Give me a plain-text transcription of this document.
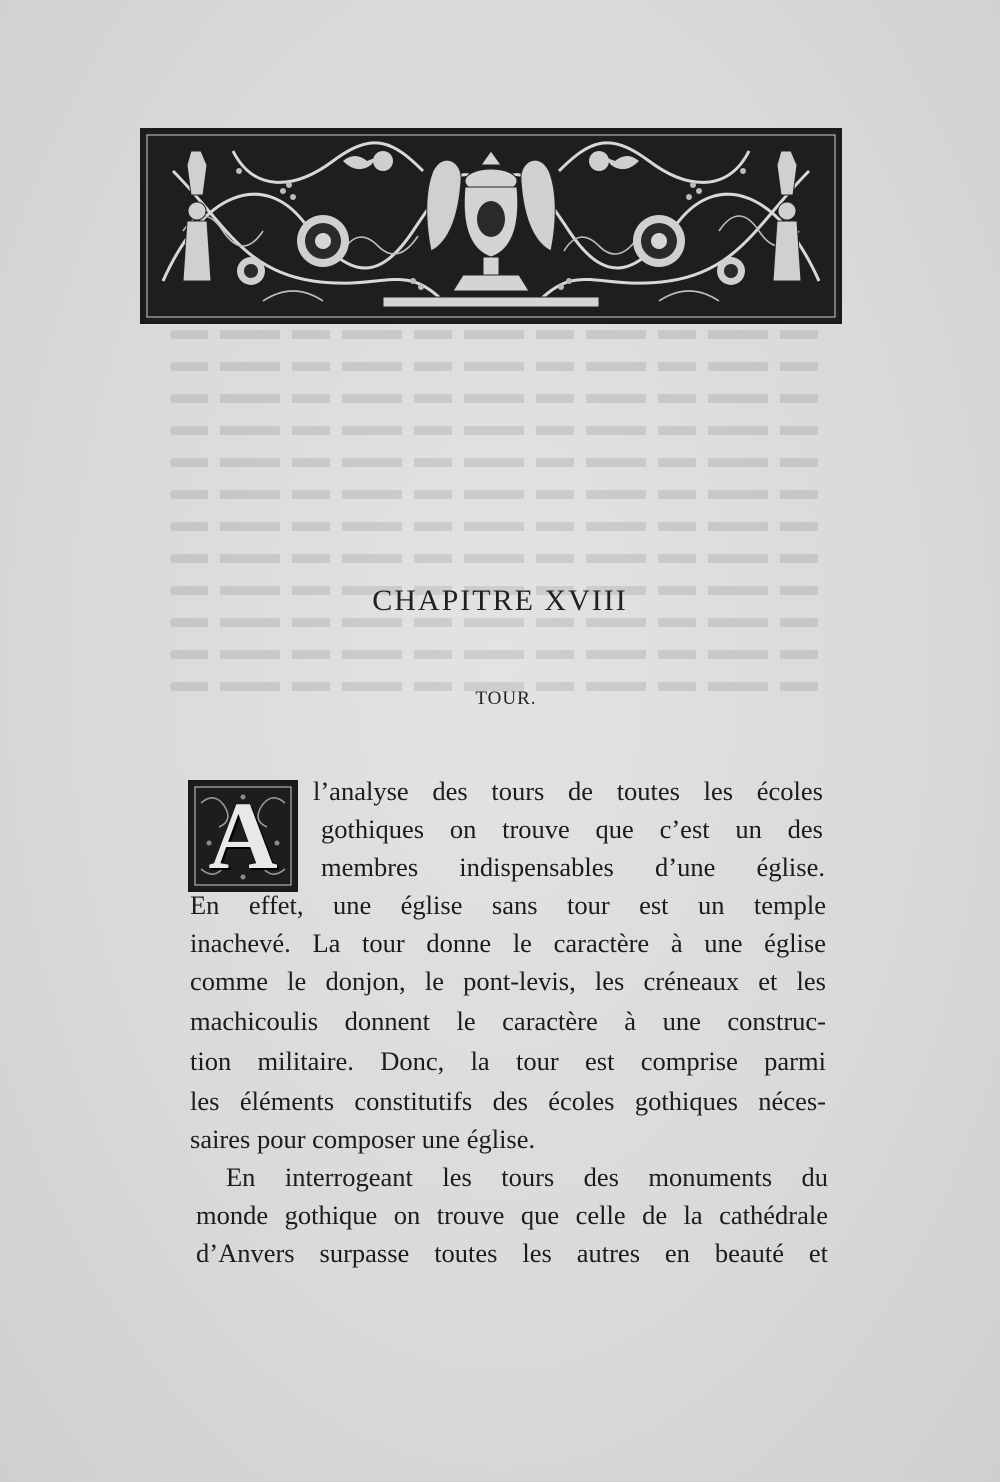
CHAPITRE XVIII
TOUR.
A	l’analyse des tours de toutes les écoles
gothiques on trouve que c’est un des
membres indispensables d’une église.
En effet, une église sans tour est un temple
inachevé. La tour donne le caractère à une église
comme le donjon, le pont-levis, les créneaux et les
machicoulis donnent le caractère à une construc-
tion militaire. Donc, la tour est comprise parmi
les éléments constitutifs des écoles gothiques néces-
saires pour composer une église.
En interrogeant les tours des monuments du
monde gothique on trouve que celle de la cathédrale
d’Anvers surpasse toutes les autres en beauté et
